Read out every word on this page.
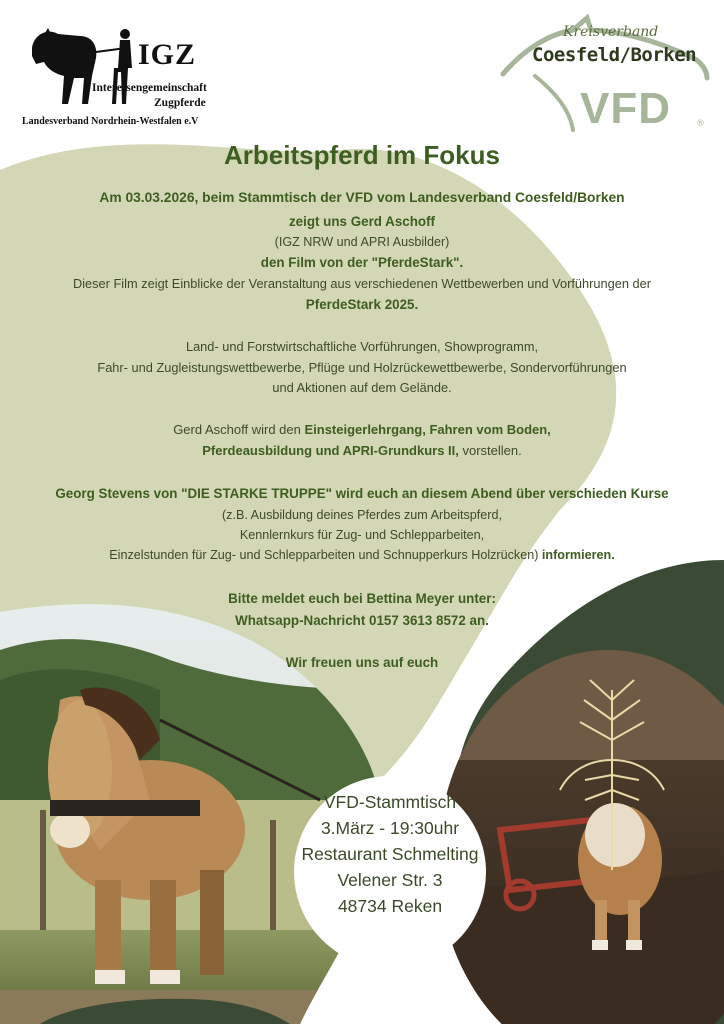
IGZ
Interessengemeinschaft
Zugpferde
Landesverband Nordrhein-Westfalen e.V
Kreisverband
Coesfeld/Borken
VFD	®
Arbeitspferd im Fokus
Am 03.03.2026, beim Stammtisch der VFD vom Landesverband Coesfeld/Borken
zeigt uns Gerd Aschoff
(IGZ NRW und APRI Ausbilder)
den Film von der "PferdeStark".
Dieser Film zeigt Einblicke der Veranstaltung aus verschiedenen Wettbewerben und Vorführungen der
PferdeStark 2025.
Land- und Forstwirtschaftliche Vorführungen, Showprogramm,
Fahr- und Zugleistungswettbewerbe, Pflüge und Holzrückewettbewerbe, Sondervorführungen
und Aktionen auf dem Gelände.
Gerd Aschoff wird den Einsteigerlehrgang, Fahren vom Boden,
Pferdeausbildung und APRI-Grundkurs II, vorstellen.
Georg Stevens von "DIE STARKE TRUPPE" wird euch an diesem Abend über verschieden Kurse
(z.B. Ausbildung deines Pferdes zum Arbeitspferd,
Kennlernkurs für Zug- und Schlepparbeiten,
Einzelstunden für Zug- und Schlepparbeiten und Schnupperkurs Holzrücken) informieren.
Bitte meldet euch bei Bettina Meyer unter:
Whatsapp-Nachricht 0157 3613 8572 an.
Wir freuen uns auf euch
VFD-Stammtisch
3.März - 19:30uhr
Restaurant Schmelting
Velener Str. 3
48734 Reken
